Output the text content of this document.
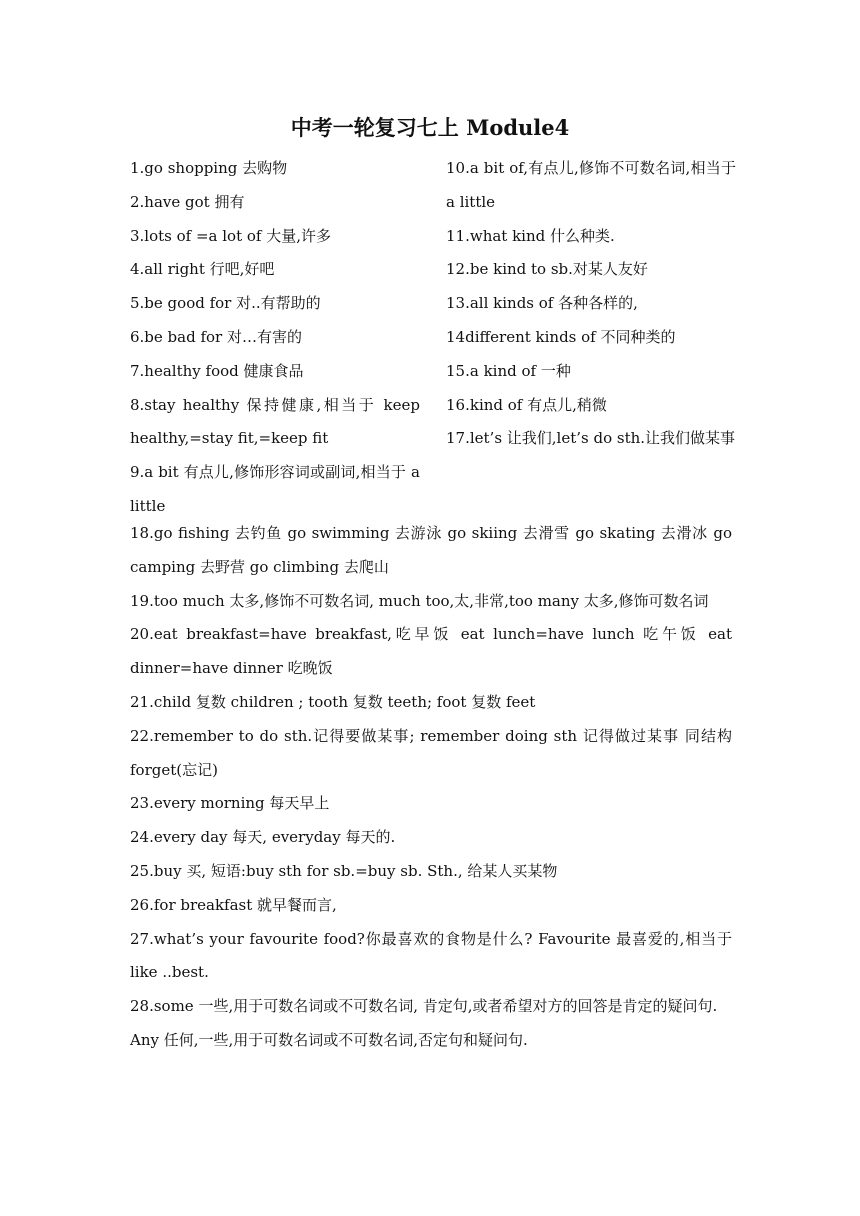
中考一轮复习七上 Module4

1.go shopping 去购物

2.have got 拥有

3.lots of =a lot of 大量,许多

4.all right 行吧,好吧

5.be good for 对..有帮助的

6.be bad for 对…有害的

7.healthy food 健康食品

8.stay healthy 保持健康,相当于 keep healthy,=stay fit,=keep fit

9.a bit 有点儿,修饰形容词或副词,相当于 a little

10.a bit of,有点儿,修饰不可数名词,相当于 a little

11.what kind 什么种类.

12.be kind to sb.对某人友好

13.all kinds of 各种各样的,

14different kinds of 不同种类的

15.a kind of 一种

16.kind of 有点儿,稍微

17.let’s 让我们,let’s do sth.让我们做某事

18.go fishing 去钓鱼 go swimming 去游泳 go skiing 去滑雪 go skating 去滑冰 go camping 去野营 go climbing 去爬山

19.too much 太多,修饰不可数名词, much too,太,非常,too many 太多,修饰可数名词

20.eat breakfast=have breakfast,吃早饭 eat lunch=have lunch 吃午饭 eat dinner=have dinner 吃晚饭

21.child 复数 children ; tooth 复数 teeth; foot 复数 feet

22.remember to do sth.记得要做某事; remember doing sth 记得做过某事 同结构 forget(忘记)

23.every morning 每天早上

24.every day 每天, everyday 每天的.

25.buy 买, 短语:buy sth for sb.=buy sb. Sth., 给某人买某物

26.for breakfast 就早餐而言,

27.what’s your favourite food?你最喜欢的食物是什么? Favourite 最喜爱的,相当于 like ..best.

28.some 一些,用于可数名词或不可数名词, 肯定句,或者希望对方的回答是肯定的疑问句.

Any 任何,一些,用于可数名词或不可数名词,否定句和疑问句.
